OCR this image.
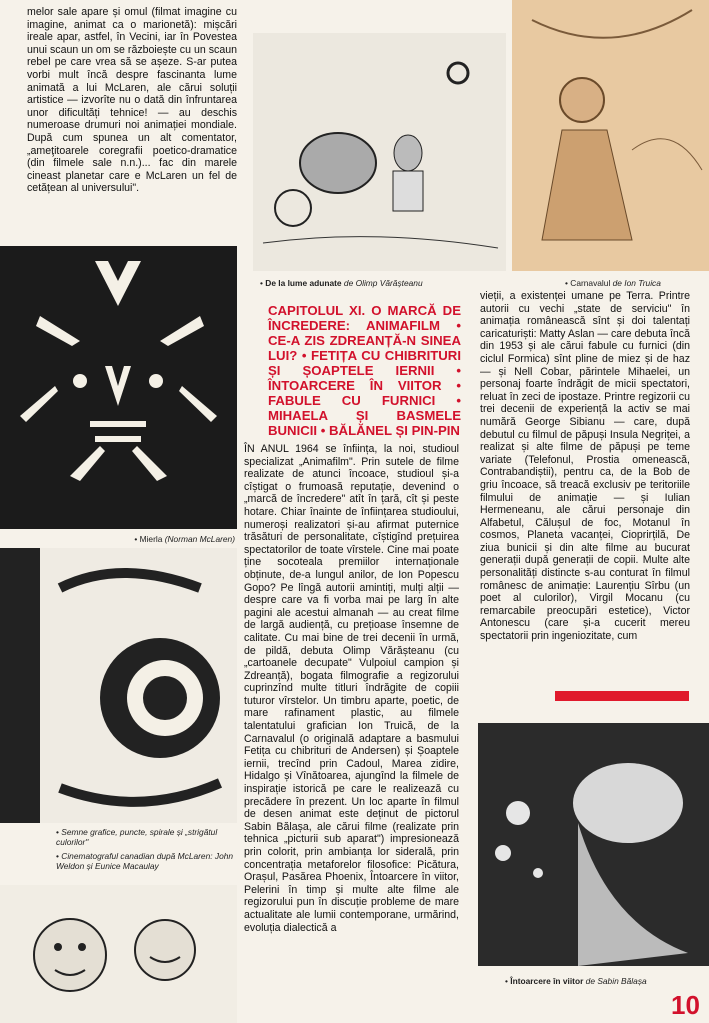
melor sale apare și omul (filmat imagine cu imagine, animat ca o marionetă): mișcări ireale apar, astfel, în Vecini, iar în Povestea unui scaun un om se războiește cu un scaun rebel pe care vrea să se așeze. S-ar putea vorbi mult încă despre fascinanta lume animată a lui McLaren, ale cărui soluții artistice — izvorîte nu o dată din înfruntarea unor dificultăți tehnice! — au deschis numeroase drumuri noi animației mondiale. După cum spunea un alt comentator, „ameţitoarele coregrafii poetico-dramatice (din filmele sale n.n.)... fac din marele cineast planetar care e McLaren un fel de cetățean al universului".
• De la lume adunate de Olimp Vărășteanu	• Carnavalul de Ion Truica
• Mierla (Norman McLaren)
• Semne grafice, puncte, spirale și „strigătul culorilor"
• Cinematograful canadian după McLaren: John Weldon și Eunice Macaulay
CAPITOLUL XI. O MARCĂ DE ÎNCREDERE: ANIMAFILM • CE-A ZIS ZDREANȚĂ-N SINEA LUI? • FETIȚA CU CHIBRITURI ȘI ȘOAPTELE IERNII • ÎNTOARCERE ÎN VIITOR • FABULE CU FURNICI • MIHAELA ȘI BASMELE BUNICII • BĂLĂNEL ȘI PIN-PIN
ÎN ANUL 1964 se înființa, la noi, studioul specializat „Animafilm". Prin sutele de filme realizate de atunci încoace, studioul și-a cîștigat o frumoasă reputație, devenind o „marcă de încredere" atît în țară, cît și peste hotare. Chiar înainte de înființarea studioului, numeroși realizatori și-au afirmat puternice trăsături de personalitate, cîștigînd prețuirea spectatorilor de toate vîrstele. Cine mai poate ține socoteala premiilor internaționale obținute, de-a lungul anilor, de Ion Popescu Gopo? Pe lîngă autorii amintiți, mulți alții — despre care va fi vorba mai pe larg în alte pagini ale acestui almanah — au creat filme de largă audiență, cu prețioase însemne de calitate. Cu mai bine de trei decenii în urmă, de pildă, debuta Olimp Vărășteanu (cu „cartoanele decupate" Vulpoiul campion și Zdreanță), bogata filmografie a regizorului cuprinzînd multe titluri îndrăgite de copiii tuturor vîrstelor. Un timbru aparte, poetic, de mare rafinament plastic, au filmele talentatului grafician Ion Truică, de la Carnavalul (o originală adaptare a basmului Fetița cu chibrituri de Andersen) și Șoaptele iernii, trecînd prin Cadoul, Marea zidire, Hidalgo și Vînătoarea, ajungînd la filmele de inspirație istorică pe care le realizează cu precădere în prezent. Un loc aparte în filmul de desen animat este deținut de pictorul Sabin Bălașa, ale cărui filme (realizate prin tehnica „picturii sub aparat") impresionează prin colorit, prin ambianța lor siderală, prin concentrația metaforelor filosofice: Picătura, Orașul, Pasărea Phoenix, Întoarcere în viitor, Pelerini în timp și multe alte filme ale regizorului pun în discuție probleme de mare actualitate ale lumii contemporane, urmărind, evoluția dialectică a
vieții, a existenței umane pe Terra. Printre autorii cu vechi „state de serviciu" în animația românească sînt și doi talentați caricaturiști: Matty Aslan — care debuta încă din 1953 și ale cărui fabule cu furnici (din ciclul Formica) sînt pline de miez și de haz — și Nell Cobar, părintele Mihaelei, un personaj foarte îndrăgit de micii spectatori, reluat în zeci de ipostaze. Printre regizorii cu trei decenii de experiență la activ se mai numără George Sibianu — care, după debutul cu filmul de păpuși Insula Negriței, a realizat și alte filme de păpuși pe teme variate (Telefonul, Prostia omenească, Contrabandiștii), pentru ca, de la Bob de griu încoace, să treacă exclusiv pe teritoriile filmului de animație — și Iulian Hermeneanu, ale cărui personaje din Alfabetul, Călușul de foc, Motanul în cosmos, Planeta vacanței, Cioprirțilă, De ziua bunicii și din alte filme au bucurat generații după generații de copii. Multe alte personalități distincte s-au conturat în filmul românesc de animație: Laurențiu Sîrbu (un poet al culorilor), Virgil Mocanu (cu remarcabile preocupări estetice), Victor Antonescu (care și-a cucerit mereu spectatorii prin ingeniozitate, cum
• Întoarcere în viitor de Sabin Bălașa
10
